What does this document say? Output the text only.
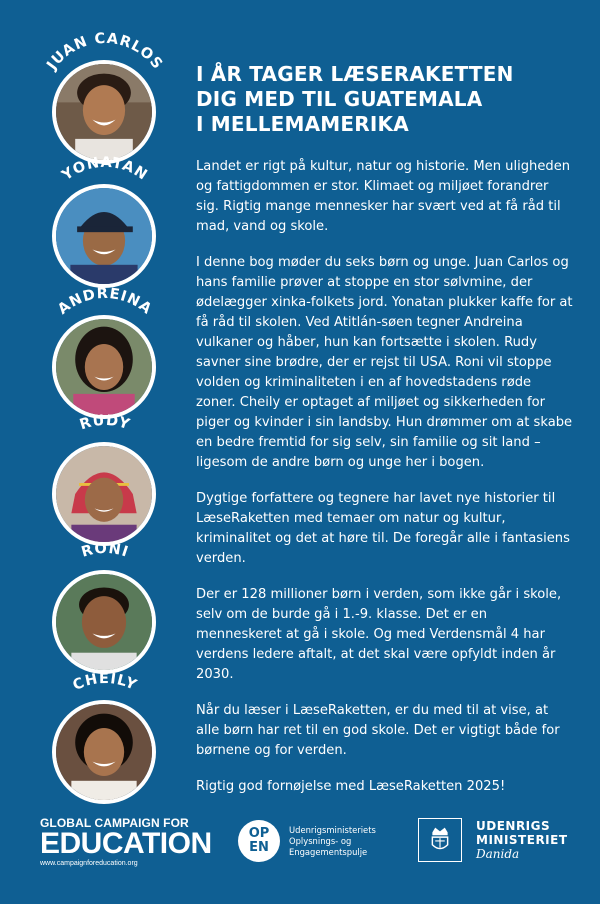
JUAN CARLOS
YONATAN
ANDREINA
RUDY
RONI
CHEILY
I ÅR TAGER LÆSERAKETTEN
DIG MED TIL GUATEMALA
I MELLEMAMERIKA

Landet er rigt på kultur, natur og historie. Men uligheden og fattigdommen er stor. Klimaet og miljøet forandrer sig. Rigtig mange mennesker har svært ved at få råd til mad, vand og skole.

I denne bog møder du seks børn og unge. Juan Carlos og hans familie prøver at stoppe en stor sølvmine, der ødelægger xinka-folkets jord. Yonatan plukker kaffe for at få råd til skolen. Ved Atitlán-søen tegner Andreina vulkaner og håber, hun kan fortsætte i skolen. Rudy savner sine brødre, der er rejst til USA. Roni vil stoppe volden og kriminaliteten i en af hovedstadens røde zoner. Cheily er optaget af miljøet og sikkerheden for piger og kvinder i sin landsby. Hun drømmer om at skabe en bedre fremtid for sig selv, sin familie og sit land – ligesom de andre børn og unge her i bogen.

Dygtige forfattere og tegnere har lavet nye historier til LæseRaketten med temaer om natur og kultur, kriminalitet og det at høre til. De foregår alle i fantasiens verden.

Der er 128 millioner børn i verden, som ikke går i skole, selv om de burde gå i 1.-9. klasse. Det er en menneskeret at gå i skole. Og med Verdensmål 4 har verdens ledere aftalt, at det skal være opfyldt inden år 2030.

Når du læser i LæseRaketten, er du med til at vise, at alle børn har ret til en god skole. Det er vigtigt både for børnene og for verden.

Rigtig god fornøjelse med LæseRaketten 2025!

GLOBAL CAMPAIGN FOR
EDUCATION
www.campaignforeducation.org
OP
EN
Udenrigsministeriets
Oplysnings- og
Engagementspulje
UDENRIGS
MINISTERIET
Danida
